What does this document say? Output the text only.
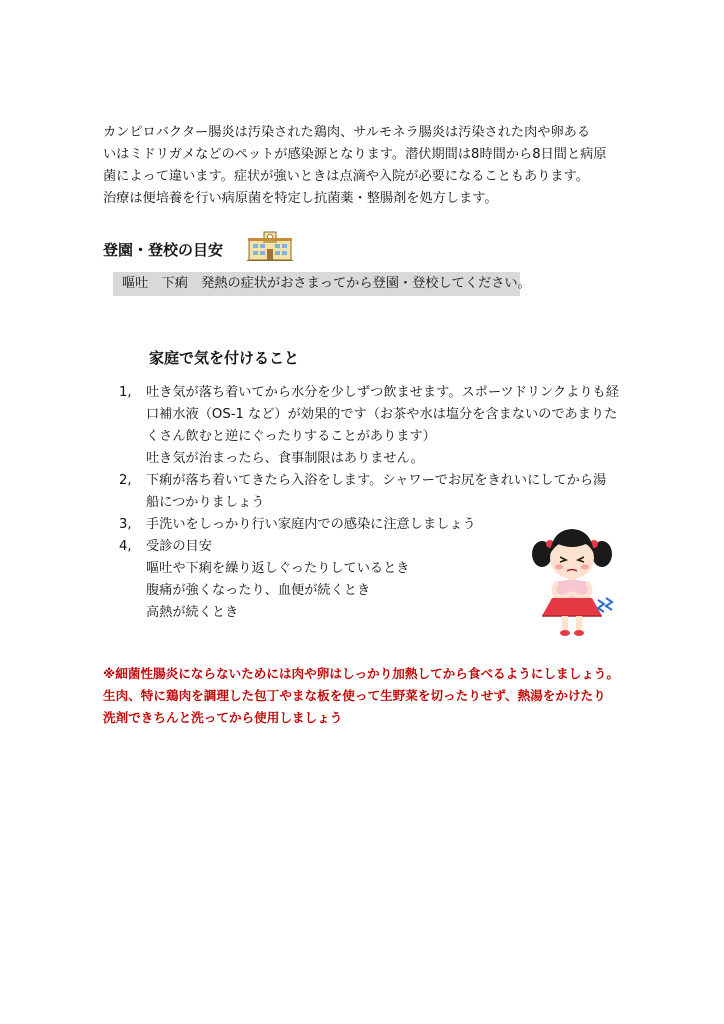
カンピロバクター腸炎は汚染された鶏肉、サルモネラ腸炎は汚染された肉や卵ある

いはミドリガメなどのペットが感染源となります。潜伏期間は8時間から8日間と病原

菌によって違います。症状が強いときは点滴や入院が必要になることもあります。

治療は便培養を行い病原菌を特定し抗菌薬・整腸剤を処方します。

登園・登校の目安
嘔吐　下痢　発熱の症状がおさまってから登園・登校してください。
家庭で気を付けること
1, 吐き気が落ち着いてから水分を少しずつ飲ませます。スポーツドリンクよりも経
口補水液（OS-1 など）が効果的です（お茶や水は塩分を含まないのであまりた
くさん飲むと逆にぐったりすることがあります）
吐き気が治まったら、食事制限はありません。
2, 下痢が落ち着いてきたら入浴をします。シャワーでお尻をきれいにしてから湯
船につかりましょう
3, 手洗いをしっかり行い家庭内での感染に注意しましょう
4, 受診の目安
嘔吐や下痢を繰り返しぐったりしているとき
腹痛が強くなったり、血便が続くとき
高熱が続くとき

※細菌性腸炎にならないためには肉や卵はしっかり加熱してから食べるようにしましょう。

生肉、特に鶏肉を調理した包丁やまな板を使って生野菜を切ったりせず、熱湯をかけたり

洗剤できちんと洗ってから使用しましょう
